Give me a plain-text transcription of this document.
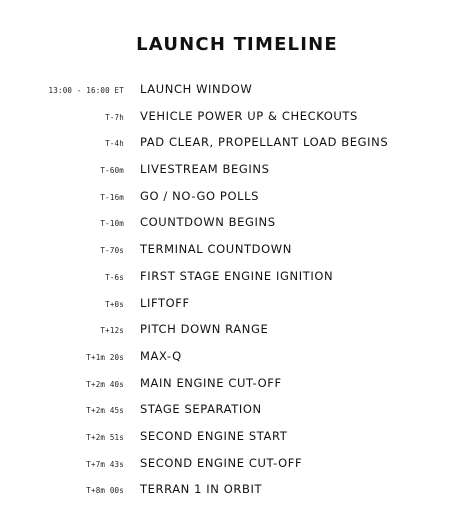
LAUNCH TIMELINE
13:00 - 16:00 ET LAUNCH WINDOW
T-7h VEHICLE POWER UP & CHECKOUTS
T-4h PAD CLEAR, PROPELLANT LOAD BEGINS
T-60m LIVESTREAM BEGINS
T-16m GO / NO-GO POLLS
T-10m COUNTDOWN BEGINS
T-70s TERMINAL COUNTDOWN
T-6s FIRST STAGE ENGINE IGNITION
T+0s LIFTOFF
T+12s PITCH DOWN RANGE
T+1m 20s MAX-Q
T+2m 40s MAIN ENGINE CUT-OFF
T+2m 45s STAGE SEPARATION
T+2m 51s SECOND ENGINE START
T+7m 43s SECOND ENGINE CUT-OFF
T+8m 00s TERRAN 1 IN ORBIT
